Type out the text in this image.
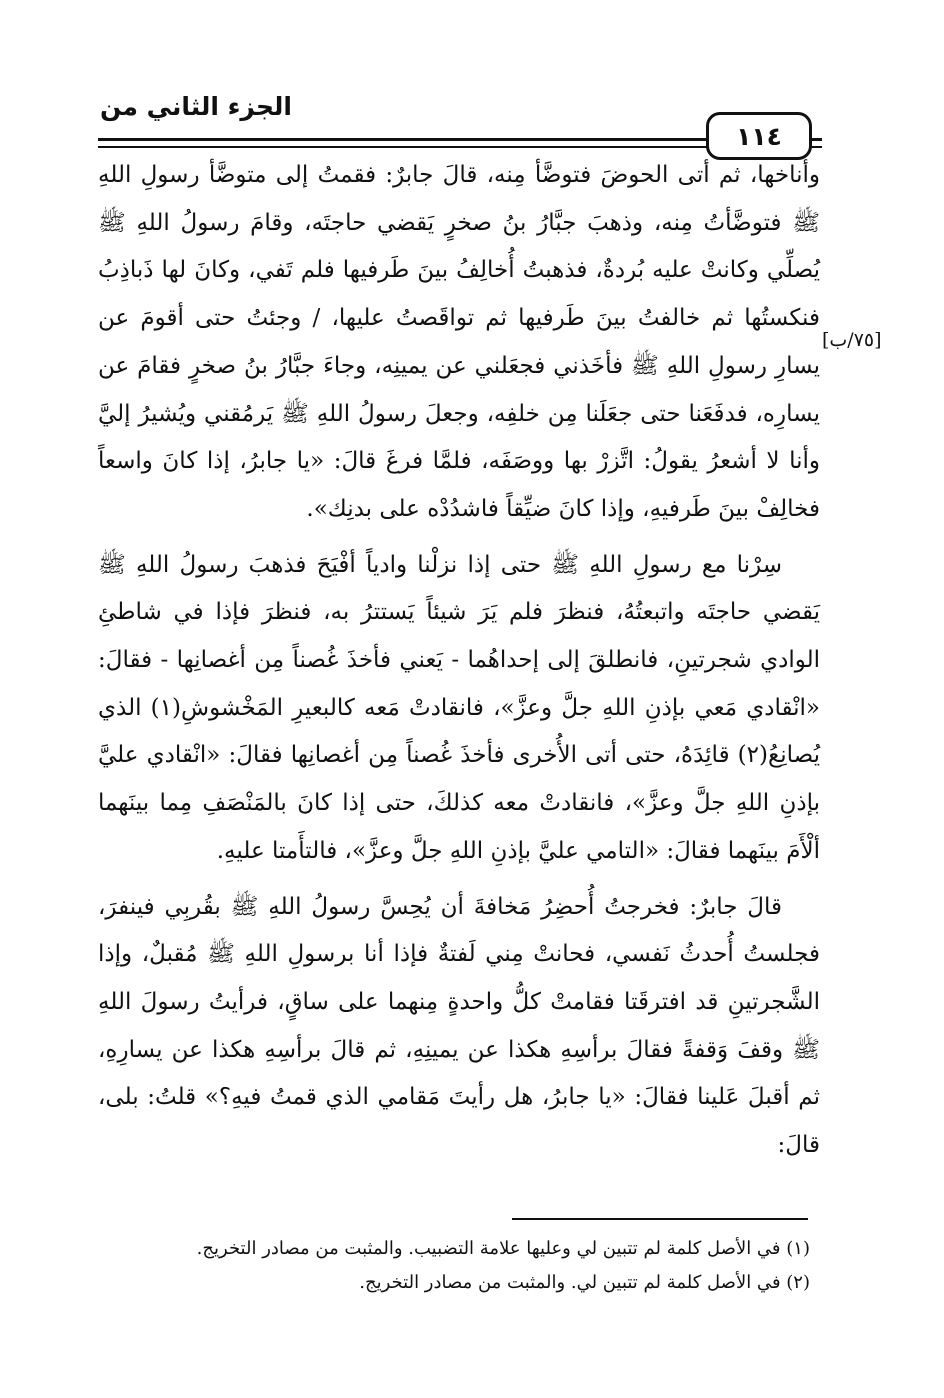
الجزء الثاني من
١١٤
[٧٥/ب]

وأناخها، ثم أتى الحوضَ فتوضَّأ مِنه، قالَ جابرٌ: فقمتُ إلى متوضَّأ رسولِ اللهِ ﷺ فتوضَّأتُ مِنه، وذهبَ جبَّارُ بنُ صخرٍ يَقضي حاجتَه، وقامَ رسولُ اللهِ ﷺ يُصلِّي وكانتْ عليه بُردةٌ، فذهبتُ أُخالِفُ بينَ طَرفيها فلم تَفي، وكانَ لها ذَباذِبُ فنكستُها ثم خالفتُ بينَ طَرفيها ثم تواقَصتُ عليها، / وجئتُ حتى أقومَ عن يسارِ رسولِ اللهِ ﷺ فأخَذني فجعَلني عن يمينِه، وجاءَ جبَّارُ بنُ صخرٍ فقامَ عن يسارِه، فدفَعَنا حتى جعَلَنا مِن خلفِه، وجعلَ رسولُ اللهِ ﷺ يَرمُقني ويُشيرُ إليَّ وأنا لا أشعرُ يقولُ: اتَّزرْ بها ووصَفَه، فلمَّا فرغَ قالَ: «يا جابرُ، إذا كانَ واسعاً فخالِفْ بينَ طَرفيهِ، وإذا كانَ ضيِّقاً فاشدُدْه على بدنِك».

سِرْنا مع رسولِ اللهِ ﷺ حتى إذا نزلْنا وادياً أفْيَحَ فذهبَ رسولُ اللهِ ﷺ يَقضي حاجتَه واتبعتُهُ، فنظرَ فلم يَرَ شيئاً يَستترُ به، فنظرَ فإذا في شاطئِ الوادي شجرتينِ، فانطلقَ إلى إحداهُما - يَعني فأخذَ غُصناً مِن أغصانِها - فقالَ: «انْقادي مَعي بإذنِ اللهِ جلَّ وعزَّ»، فانقادتْ مَعه كالبعيرِ المَخْشوشِ(١) الذي يُصانِعُ(٢) قائِدَهُ، حتى أتى الأُخرى فأخذَ غُصناً مِن أغصانِها فقالَ: «انْقادي عليَّ بإذنِ اللهِ جلَّ وعزَّ»، فانقادتْ معه كذلكَ، حتى إذا كانَ بالمَنْصَفِ مِما بينَهما ألْأَمَ بينَهما فقالَ: «التامي عليَّ بإذنِ اللهِ جلَّ وعزَّ»، فالتأَمتا عليهِ.

قالَ جابرٌ: فخرجتُ أُحضِرُ مَخافةَ أن يُحِسَّ رسولُ اللهِ ﷺ بقُربِي فينفرَ، فجلستُ أُحدثُ نَفسي، فحانتْ مِني لَفتةٌ فإذا أنا برسولِ اللهِ ﷺ مُقبلٌ، وإذا الشَّجرتينِ قد افترقَتا فقامتْ كلُّ واحدةٍ مِنهما على ساقٍ، فرأيتُ رسولَ اللهِ ﷺ وقفَ وَقفةً فقالَ برأسِهِ هكذا عن يمينِهِ، ثم قالَ برأسِهِ هكذا عن يسارِهِ، ثم أقبلَ عَلينا فقالَ: «يا جابرُ، هل رأيتَ مَقامي الذي قمتُ فيهِ؟» قلتُ: بلى، قالَ:

(١) في الأصل كلمة لم تتبين لي وعليها علامة التضبيب. والمثبت من مصادر التخريج.

(٢) في الأصل كلمة لم تتبين لي. والمثبت من مصادر التخريج.
